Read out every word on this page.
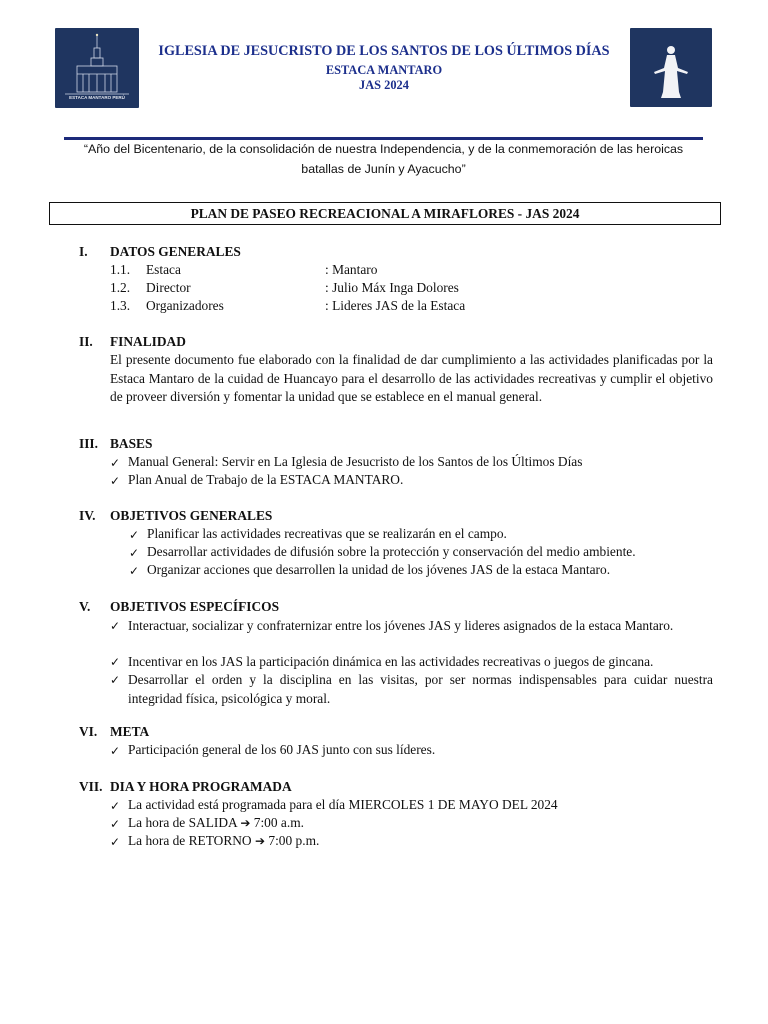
ESTACA MANTARO PERÚ
IGLESIA DE JESUCRISTO DE LOS SANTOS DE LOS ÚLTIMOS DÍAS
ESTACA MANTARO
JAS 2024
“Año del Bicentenario, de la consolidación de nuestra Independencia, y de la conmemoración de las heroicas
batallas de Junín y Ayacucho”
PLAN DE PASEO RECREACIONAL A MIRAFLORES - JAS 2024
I. DATOS GENERALES
1.1. Estaca	: Mantaro
1.2. Director	: Julio Máx Inga Dolores
1.3. Organizadores	: Lideres JAS de la Estaca
II. FINALIDAD
El presente documento fue elaborado con la finalidad de dar cumplimiento a las actividades planificadas por la Estaca Mantaro de la cuidad de Huancayo para el desarrollo de las actividades recreativas y cumplir el objetivo de proveer diversión y fomentar la unidad que se establece en el manual general.
III. BASES
✓ Manual General: Servir en La Iglesia de Jesucristo de los Santos de los Últimos Días
✓ Plan Anual de Trabajo de la ESTACA MANTARO.
IV. OBJETIVOS GENERALES
✓ Planificar las actividades recreativas que se realizarán en el campo.
✓ Desarrollar actividades de difusión sobre la protección y conservación del medio ambiente.
✓ Organizar acciones que desarrollen la unidad de los jóvenes JAS de la estaca Mantaro.
V. OBJETIVOS ESPECÍFICOS
✓ Interactuar, socializar y confraternizar entre los jóvenes JAS y lideres asignados de la estaca Mantaro.
✓ Incentivar en los JAS la participación dinámica en las actividades recreativas o juegos de gincana.
✓ Desarrollar el orden y la disciplina en las visitas, por ser normas indispensables para cuidar nuestra integridad física, psicológica y moral.
VI. META
✓ Participación general de los 60 JAS junto con sus líderes.
VII. DIA Y HORA PROGRAMADA
✓ La actividad está programada para el día MIERCOLES 1 DE MAYO DEL 2024
✓ La hora de SALIDA ➔ 7:00 a.m.
✓ La hora de RETORNO ➔ 7:00 p.m.
